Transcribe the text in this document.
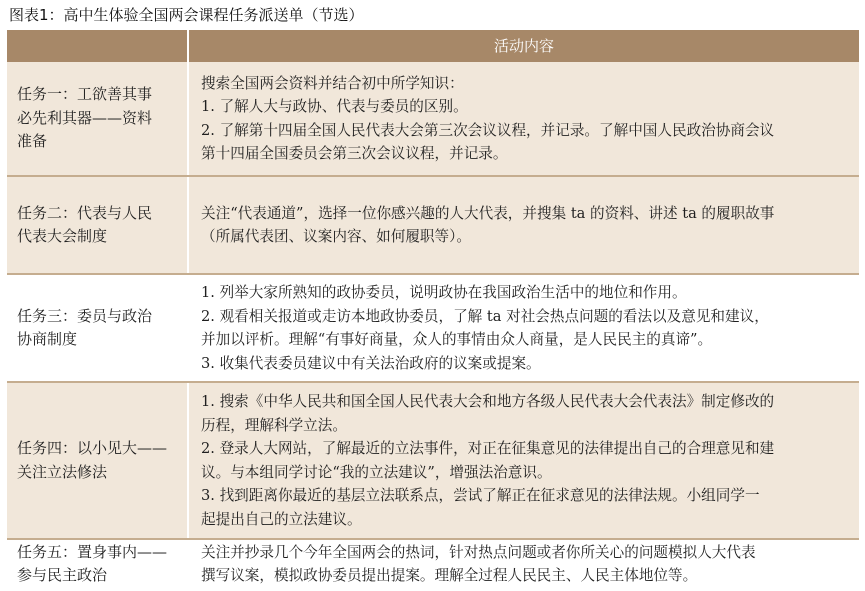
图表1：高中生体验全国两会课程任务派送单（节选）
活动内容
任务一：工欲善其事
必先利其器——资料
准备
搜索全国两会资料并结合初中所学知识：
1. 了解人大与政协、代表与委员的区别。
2. 了解第十四届全国人民代表大会第三次会议议程，并记录。了解中国人民政治协商会议
第十四届全国委员会第三次会议议程，并记录。
任务二：代表与人民
代表大会制度
关注“代表通道”，选择一位你感兴趣的人大代表，并搜集 ta 的资料、讲述 ta 的履职故事
（所属代表团、议案内容、如何履职等）。
任务三：委员与政治
协商制度
1. 列举大家所熟知的政协委员，说明政协在我国政治生活中的地位和作用。
2. 观看相关报道或走访本地政协委员，了解 ta 对社会热点问题的看法以及意见和建议，
并加以评析。理解“有事好商量，众人的事情由众人商量，是人民民主的真谛”。
3. 收集代表委员建议中有关法治政府的议案或提案。
任务四：以小见大——
关注立法修法
1. 搜索《中华人民共和国全国人民代表大会和地方各级人民代表大会代表法》制定修改的
历程，理解科学立法。
2. 登录人大网站，了解最近的立法事件，对正在征集意见的法律提出自己的合理意见和建
议。与本组同学讨论“我的立法建议”，增强法治意识。
3. 找到距离你最近的基层立法联系点，尝试了解正在征求意见的法律法规。小组同学一
起提出自己的立法建议。
任务五：置身事内——
参与民主政治
关注并抄录几个今年全国两会的热词，针对热点问题或者你所关心的问题模拟人大代表
撰写议案，模拟政协委员提出提案。理解全过程人民民主、人民主体地位等。
